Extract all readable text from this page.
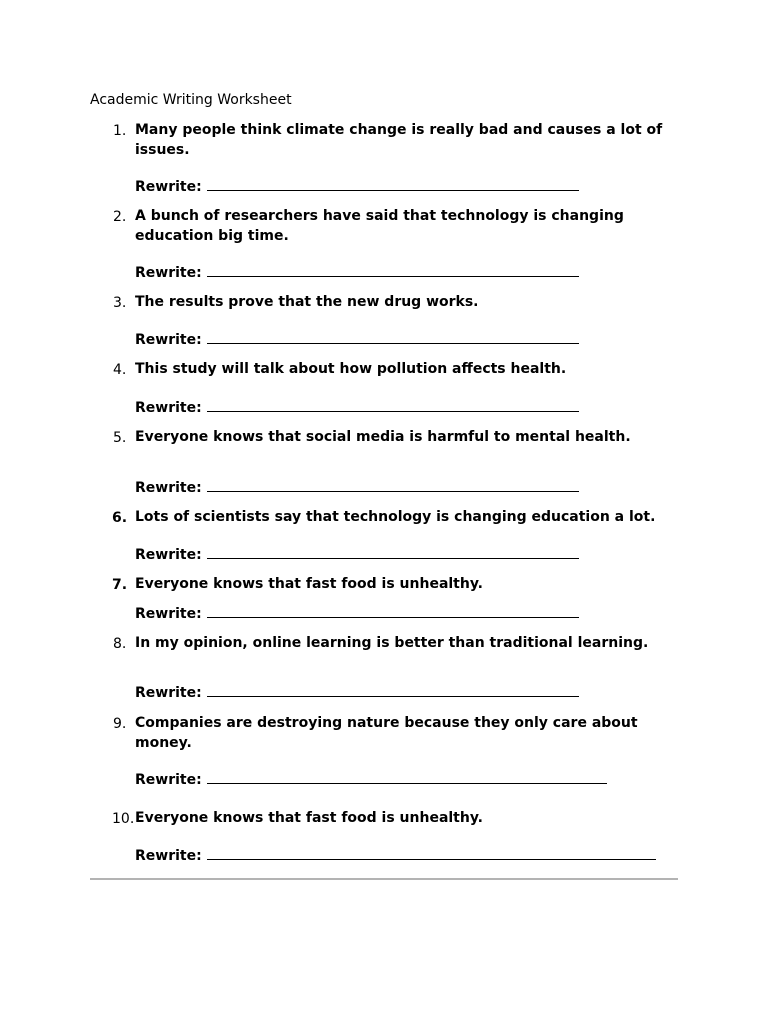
Academic Writing Worksheet
1. Many people think climate change is really bad and causes a lot of issues.
Rewrite:
2. A bunch of researchers have said that technology is changing education big time.
Rewrite:
3. The results prove that the new drug works.
Rewrite:
4. This study will talk about how pollution affects health.
Rewrite:
5. Everyone knows that social media is harmful to mental health.
Rewrite:
6. Lots of scientists say that technology is changing education a lot.
Rewrite:
7. Everyone knows that fast food is unhealthy.
Rewrite:
8. In my opinion, online learning is better than traditional learning.
Rewrite:
9. Companies are destroying nature because they only care about money.
Rewrite:
10. Everyone knows that fast food is unhealthy.
Rewrite:
